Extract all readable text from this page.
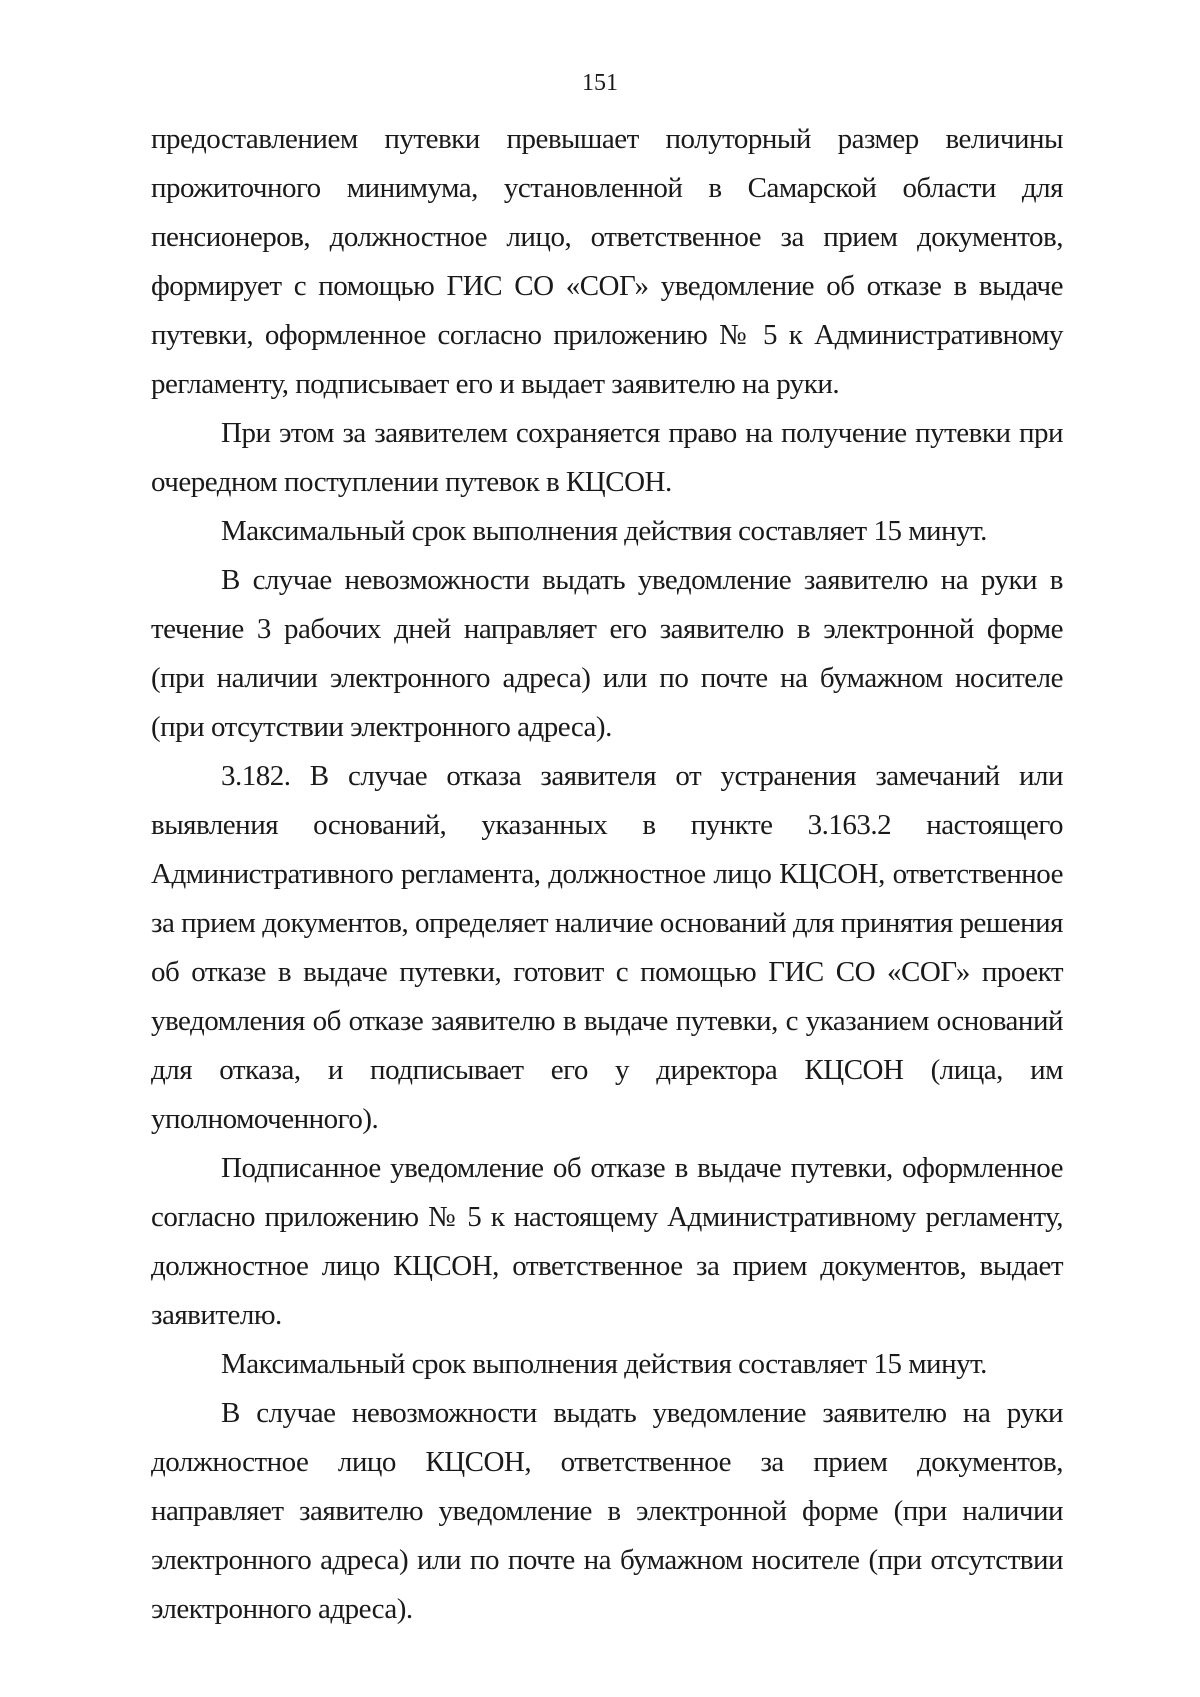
151

предоставлением путевки превышает полуторный размер величины прожиточного минимума, установленной в Самарской области для пенсионеров, должностное лицо, ответственное за прием документов, формирует с помощью ГИС СО «СОГ» уведомление об отказе в выдаче путевки, оформленное согласно приложению № 5 к Административному регламенту, подписывает его и выдает заявителю на руки.

При этом за заявителем сохраняется право на получение путевки при очередном поступлении путевок в КЦСОН.

Максимальный срок выполнения действия составляет 15 минут.

В случае невозможности выдать уведомление заявителю на руки в течение 3 рабочих дней направляет его заявителю в электронной форме (при наличии электронного адреса) или по почте на бумажном носителе (при отсутствии электронного адреса).

3.182. В случае отказа заявителя от устранения замечаний или выявления оснований, указанных в пункте 3.163.2 настоящего Административного регламента, должностное лицо КЦСОН, ответственное за прием документов, определяет наличие оснований для принятия решения об отказе в выдаче путевки, готовит с помощью ГИС СО «СОГ» проект уведомления об отказе заявителю в выдаче путевки, с указанием оснований для отказа, и подписывает его у директора КЦСОН (лица, им уполномоченного).

Подписанное уведомление об отказе в выдаче путевки, оформленное согласно приложению № 5 к настоящему Административному регламенту, должностное лицо КЦСОН, ответственное за прием документов, выдает заявителю.

Максимальный срок выполнения действия составляет 15 минут.

В случае невозможности выдать уведомление заявителю на руки должностное лицо КЦСОН, ответственное за прием документов, направляет заявителю уведомление в электронной форме (при наличии электронного адреса) или по почте на бумажном носителе (при отсутствии электронного адреса).
